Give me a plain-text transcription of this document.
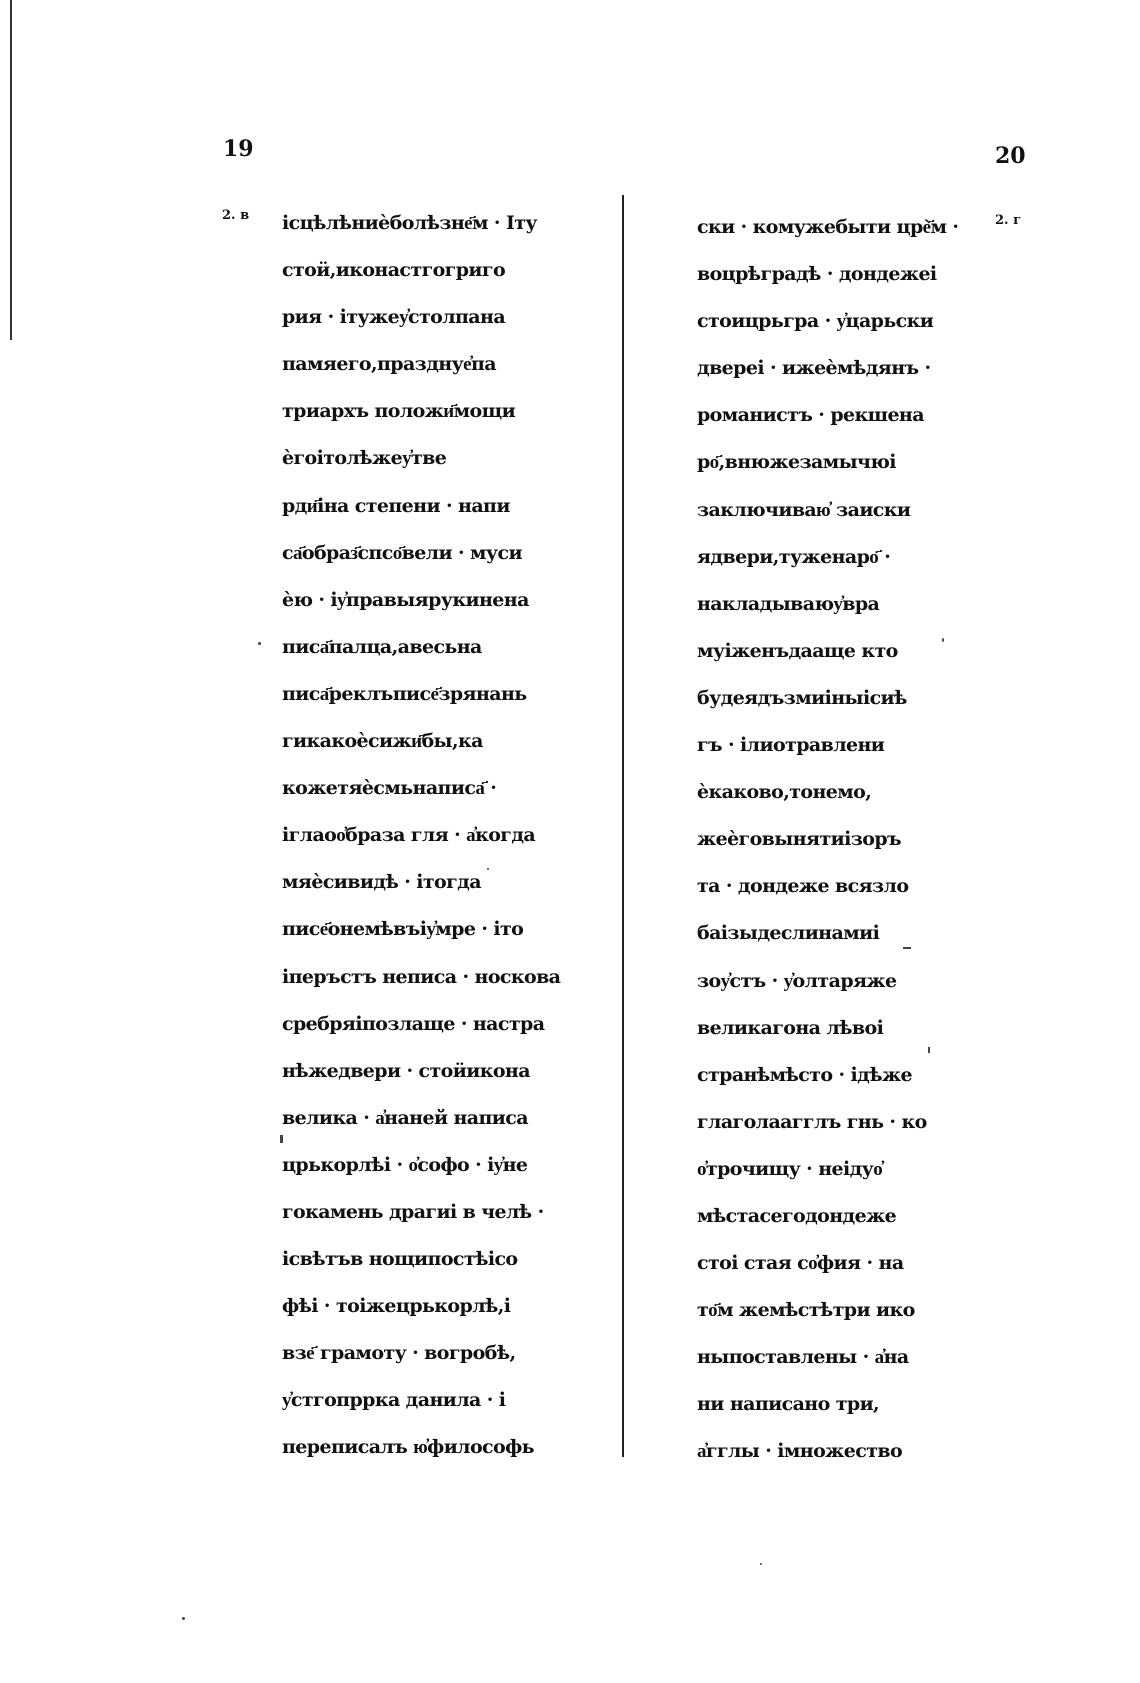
19	20
2. в	2. г
ісцѣлѣниѐболѣзне҃м · Іту
стоӥ,иконастгогриго
рия · ітужеу҆столпана
памяего,празднуе҆па
триархъ положи҃мощи
ѐгоітолѣжеу҆тве
рди҃іна степени · напи
са҃образ҃спсо҃вели · муси
ѐю · іу҆правыярукинена
писа҃палца,авесьна
писа҃реклъписе҃зрянань
гикакоѐсижи҃бы,ка
кожетяѐсмьнаписа҃ ·
іглаоо҆браза гля · а҆когда
мяѐсивидѣ · ітогда
писе҃онемѣвъіу҆мре · іто
іперъстъ неписа · нoскова
сребряіпозлаще · настра
нѣжедвери · стоӥикона
велика · а҆наней написа
црькорлѣі · о҆софо · іу҆не
гокамень драгиі в челѣ ·
ісвѣтъв нощипостѣісо
фѣі · тоіжецрькорлѣ,і
взе҃ грамоту · вогробѣ,
у҆стгопррка данила · і
переписалъ ю҆философь
ски · комужебыти црѐ҃м ·
воцрѣградѣ · дондежеі
стоицрьгра · у҆царьски
двереі · ижеѐмѣдянъ ·
романистъ · рекшена
ро҃,внюжезамычюі
заключиваю҆ заиски
ядвери,туженаро҃ ·
накладываюу҆вра
муіженъдааще кто
будеядъзмиіныісиѣ
гъ · ілиотравлени
ѐкаково,тонемо,
жеѐговынятиізоръ
та · дондеже всязло
баізыдеслинамиі
зоу҆стъ · у҆олтаряже
великагона лѣвоі
странѣмѣсто · ідѣже
глаголаагглъ гнь · ко
о҆трочищу · неідуо҆
мѣстасегодондеже
стоі стая со҆фия · на
то҃м жемѣстѣтри ико
ныпоставлены · а҆на
ни написано три,
а҆гглы · імножество
